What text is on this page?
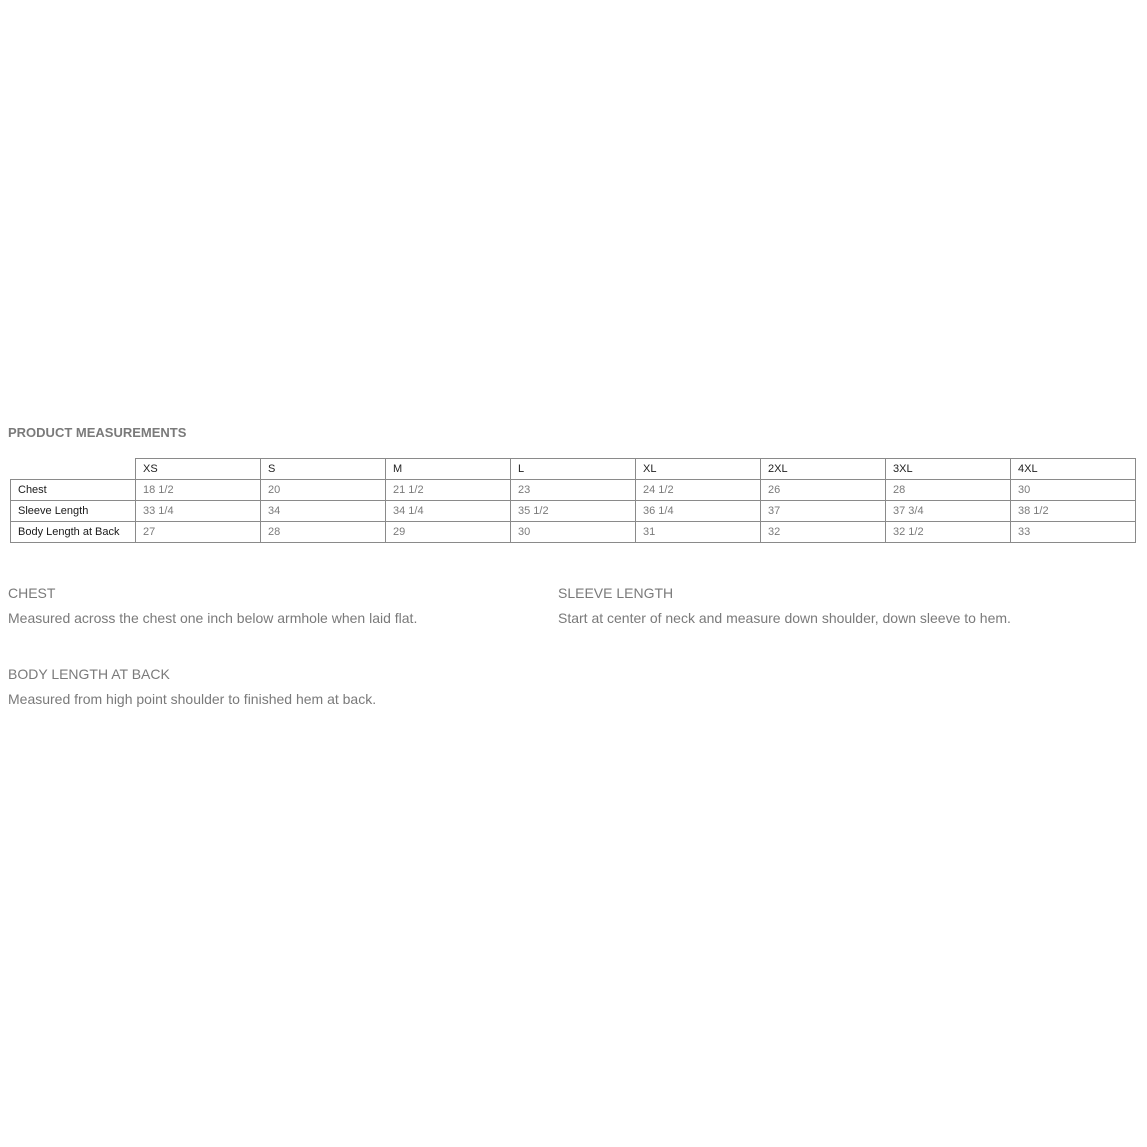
PRODUCT MEASUREMENTS
	XS	S	M	L	XL	2XL	3XL	4XL
Chest	18 1/2	20	21 1/2	23	24 1/2	26	28	30
Sleeve Length	33 1/4	34	34 1/4	35 1/2	36 1/4	37	37 3/4	38 1/2
Body Length at Back	27	28	29	30	31	32	32 1/2	33

CHEST

Measured across the chest one inch below armhole when laid flat.

SLEEVE LENGTH

Start at center of neck and measure down shoulder, down sleeve to hem.

BODY LENGTH AT BACK

Measured from high point shoulder to finished hem at back.
